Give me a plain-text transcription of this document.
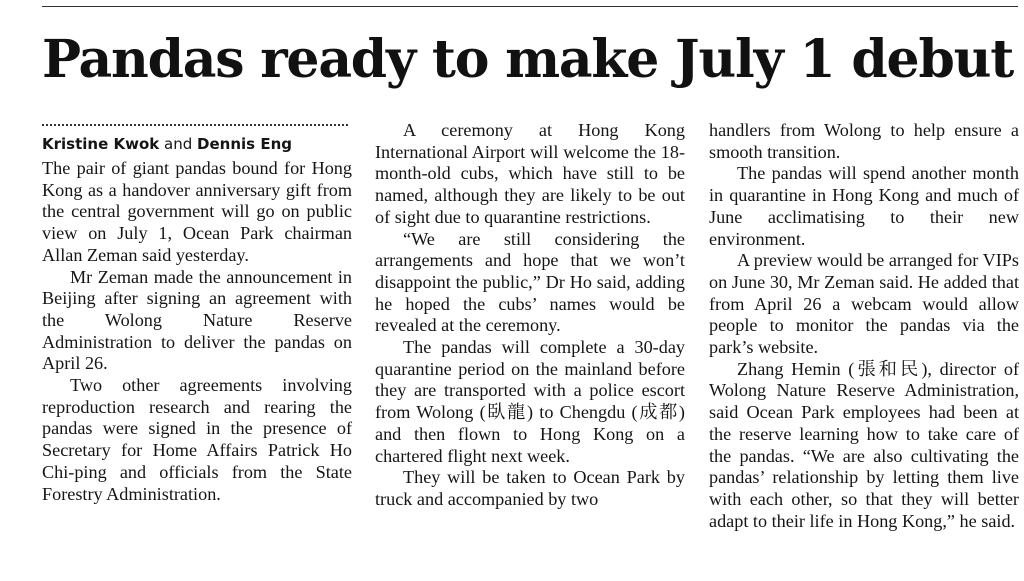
Pandas ready to make July 1 debut
Kristine Kwok and Dennis Eng

The pair of giant pandas bound for Hong Kong as a handover anniversary gift from the central government will go on public view on July 1, Ocean Park chairman Allan Zeman said yesterday.

Mr Zeman made the announcement in Beijing after signing an agreement with the Wolong Nature Reserve Administration to deliver the pandas on April 26.

Two other agreements involving reproduction research and rearing the pandas were signed in the presence of Secretary for Home Affairs Patrick Ho Chi-ping and officials from the State Forestry Administration.

A ceremony at Hong Kong International Airport will welcome the 18-month-old cubs, which have still to be named, although they are likely to be out of sight due to quarantine restrictions.

“We are still considering the arrangements and hope that we won’t disappoint the public,” Dr Ho said, adding he hoped the cubs’ names would be revealed at the ceremony.

The pandas will complete a 30-day quarantine period on the mainland before they are transported with a police escort from Wolong (臥龍) to Chengdu (成都) and then flown to Hong Kong on a chartered flight next week.

They will be taken to Ocean Park by truck and accompanied by two

handlers from Wolong to help ensure a smooth transition.

The pandas will spend another month in quarantine in Hong Kong and much of June acclimatising to their new environment.

A preview would be arranged for VIPs on June 30, Mr Zeman said. He added that from April 26 a webcam would allow people to monitor the pandas via the park’s website.

Zhang Hemin (張和民), director of Wolong Nature Reserve Administration, said Ocean Park employees had been at the reserve learning how to take care of the pandas. “We are also cultivating the pandas’ relationship by letting them live with each other, so that they will better adapt to their life in Hong Kong,” he said.
